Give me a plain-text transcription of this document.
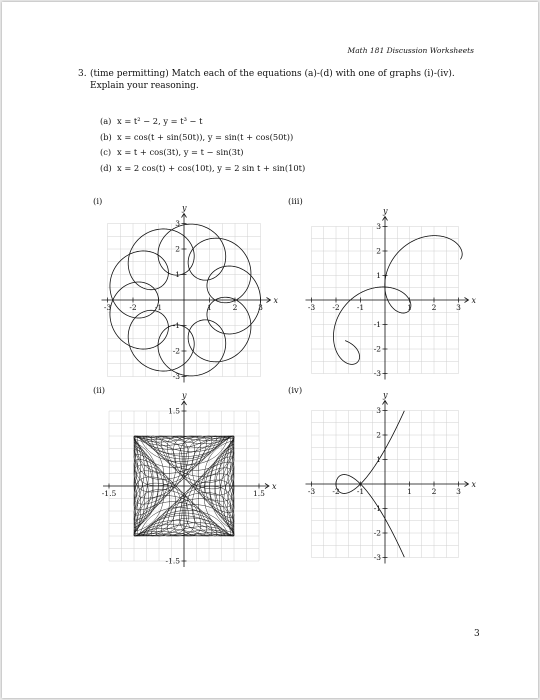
Math 181 Discussion Worksheets
3. (time permitting) Match each of the equations (a)-(d) with one of graphs (i)-(iv).
Explain your reasoning.
(a) x = t² − 2, y = t³ − t
(b) x = cos(t + sin(50t)), y = sin(t + cos(50t))
(c) x = t + cos(3t), y = t − sin(3t)
(d) x = 2 cos(t) + cos(10t), y = 2 sin t + sin(10t)
(i)	(iii)
(ii)	(iv)
-3 -2 -1	1	2	3
-3
-2
-1
1
2
3
x
y
-3 -2 -1	1	2	3
-3
-2
-1
1
2
3
x
y
-1.5	1.5
-1.5
1.5
x
y
-3 -2 -1	1	2	3
-3
-2
-1
1
2
3
x
y
3
